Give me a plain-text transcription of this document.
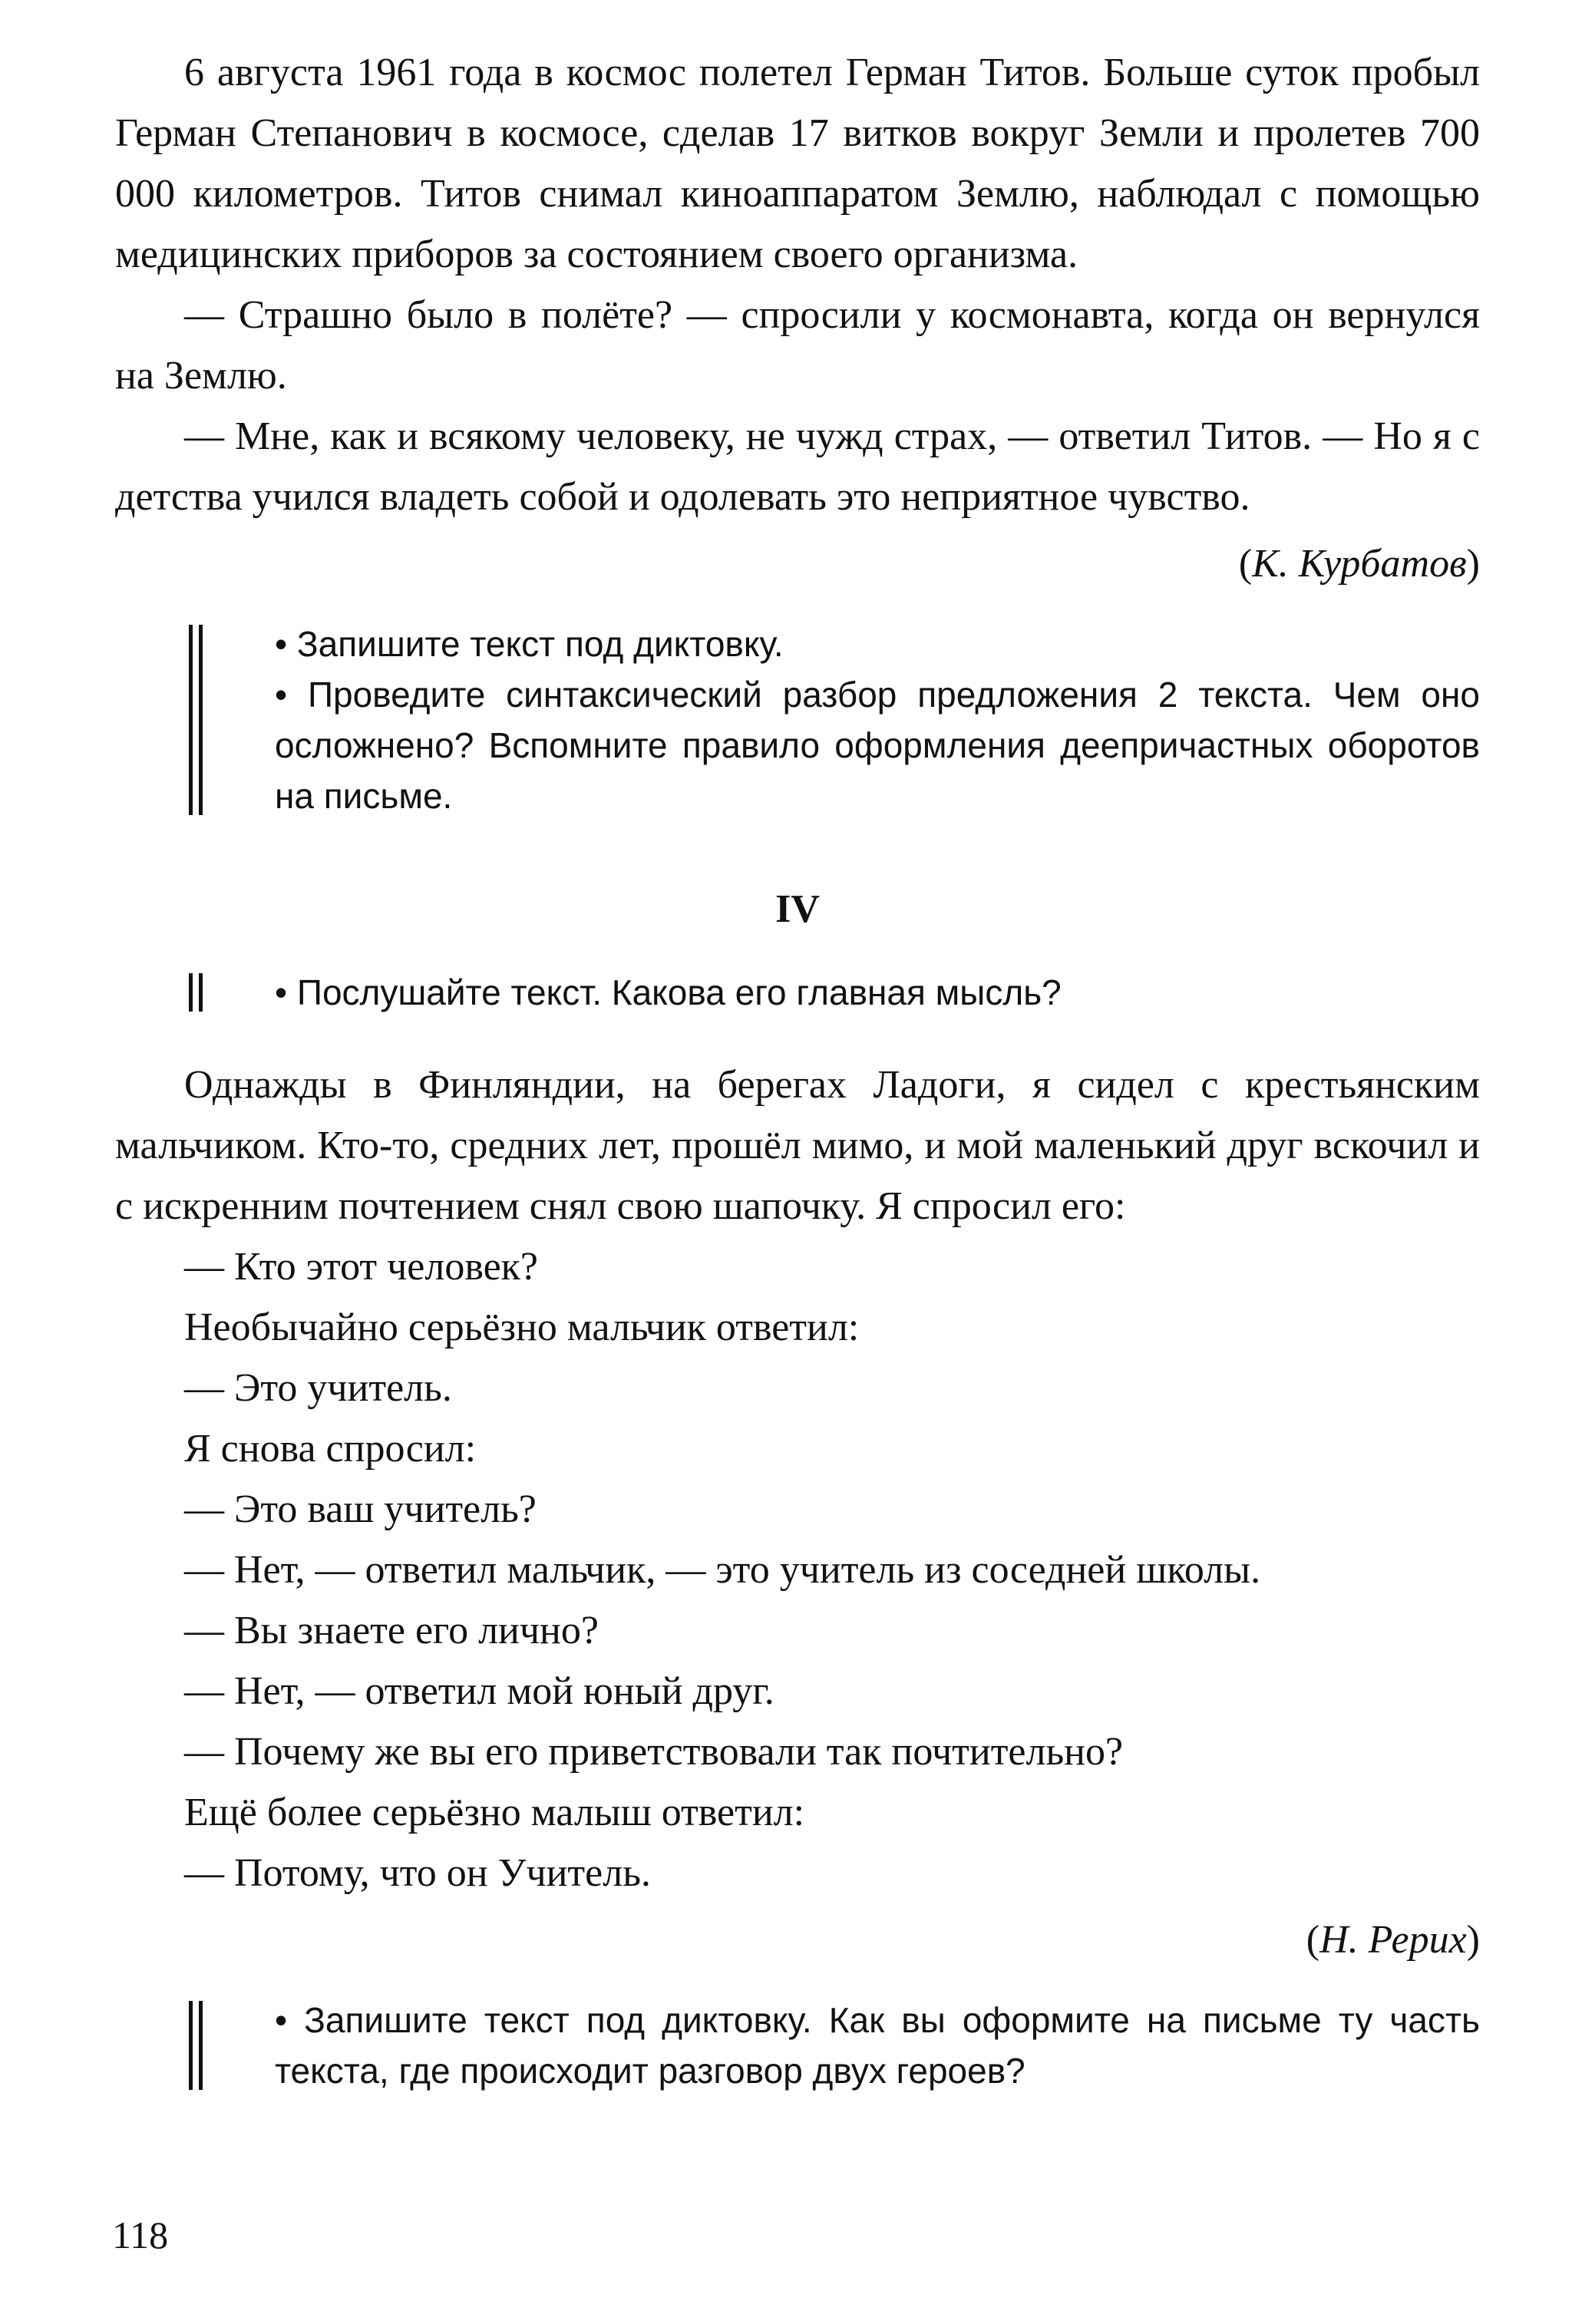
6 августа 1961 года в космос полетел Герман Титов. Больше суток пробыл Герман Степанович в космосе, сделав 17 витков вокруг Земли и пролетев 700 000 километров. Титов снимал киноаппаратом Землю, наблюдал с помощью медицинских приборов за состоянием своего организма.

— Страшно было в полёте? — спросили у космонавта, когда он вернулся на Землю.

— Мне, как и всякому человеку, не чужд страх, — ответил Титов. — Но я с детства учился владеть собой и одолевать это неприятное чувство.

(К. Курбатов)

• Запишите текст под диктовку.

• Проведите синтаксический разбор предложения 2 текста. Чем оно осложнено? Вспомните правило оформления деепричастных оборотов на письме.

IV

• Послушайте текст. Какова его главная мысль?

Однажды в Финляндии, на берегах Ладоги, я сидел с крестьянским мальчиком. Кто-то, средних лет, прошёл мимо, и мой маленький друг вскочил и с искренним почтением снял свою шапочку. Я спросил его:

— Кто этот человек?

Необычайно серьёзно мальчик ответил:

— Это учитель.

Я снова спросил:

— Это ваш учитель?

— Нет, — ответил мальчик, — это учитель из соседней школы.

— Вы знаете его лично?

— Нет, — ответил мой юный друг.

— Почему же вы его приветствовали так почтительно?

Ещё более серьёзно малыш ответил:

— Потому, что он Учитель.

(Н. Рерих)

• Запишите текст под диктовку. Как вы оформите на письме ту часть текста, где происходит разговор двух героев?

118
